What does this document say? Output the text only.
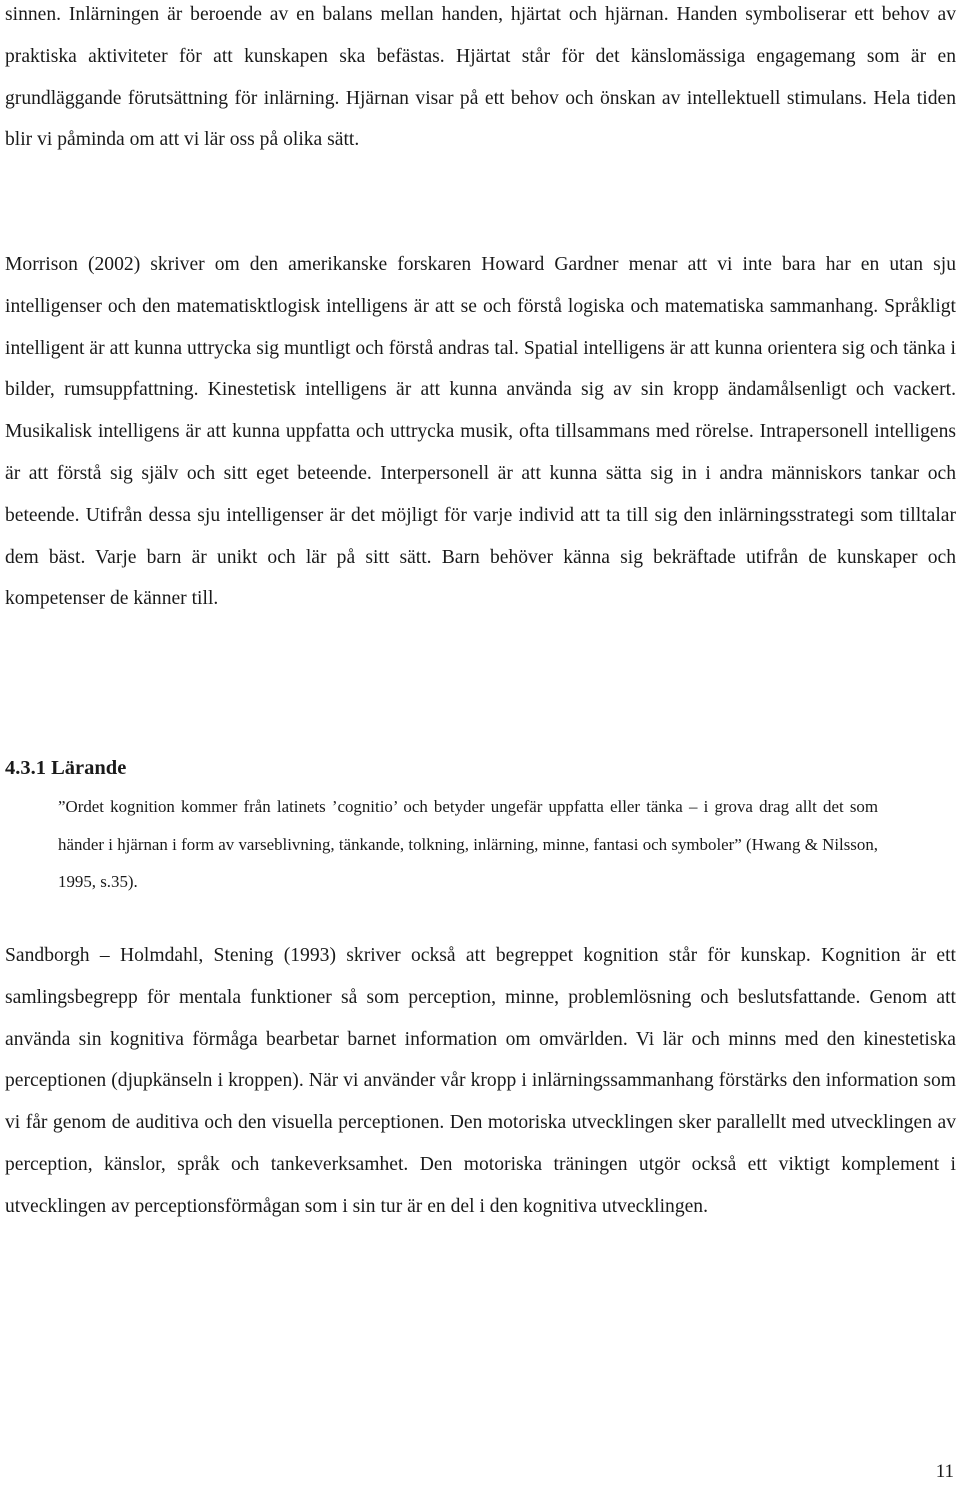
sinnen. Inlärningen är beroende av en balans mellan handen, hjärtat och hjärnan. Handen symboliserar ett behov av praktiska aktiviteter för att kunskapen ska befästas. Hjärtat står för det känslomässiga engagemang som är en grundläggande förutsättning för inlärning. Hjärnan visar på ett behov och önskan av intellektuell stimulans. Hela tiden blir vi påminda om att vi lär oss på olika sätt.

Morrison (2002) skriver om den amerikanske forskaren Howard Gardner menar att vi inte bara har en utan sju intelligenser och den matematisktlogisk intelligens är att se och förstå logiska och matematiska sammanhang. Språkligt intelligent är att kunna uttrycka sig muntligt och förstå andras tal. Spatial intelligens är att kunna orientera sig och tänka i bilder, rumsuppfattning. Kinestetisk intelligens är att kunna använda sig av sin kropp ändamålsenligt och vackert. Musikalisk intelligens är att kunna uppfatta och uttrycka musik, ofta tillsammans med rörelse. Intrapersonell intelligens är att förstå sig själv och sitt eget beteende. Interpersonell är att kunna sätta sig in i andra människors tankar och beteende. Utifrån dessa sju intelligenser är det möjligt för varje individ att ta till sig den inlärningsstrategi som tilltalar dem bäst. Varje barn är unikt och lär på sitt sätt. Barn behöver känna sig bekräftade utifrån de kunskaper och kompetenser de känner till.

4.3.1 Lärande

”Ordet kognition kommer från latinets ’cognitio’ och betyder ungefär uppfatta eller tänka – i grova drag allt det som händer i hjärnan i form av varseblivning, tänkande, tolkning, inlärning, minne, fantasi och symboler” (Hwang & Nilsson, 1995, s.35).

Sandborgh – Holmdahl, Stening (1993) skriver också att begreppet kognition står för kunskap. Kognition är ett samlingsbegrepp för mentala funktioner så som perception, minne, problemlösning och beslutsfattande. Genom att använda sin kognitiva förmåga bearbetar barnet information om omvärlden. Vi lär och minns med den kinestetiska perceptionen (djupkänseln i kroppen). När vi använder vår kropp i inlärningssammanhang förstärks den information som vi får genom de auditiva och den visuella perceptionen. Den motoriska utvecklingen sker parallellt med utvecklingen av perception, känslor, språk och tankeverksamhet. Den motoriska träningen utgör också ett viktigt komplement i utvecklingen av perceptionsförmågan som i sin tur är en del i den kognitiva utvecklingen.

11
